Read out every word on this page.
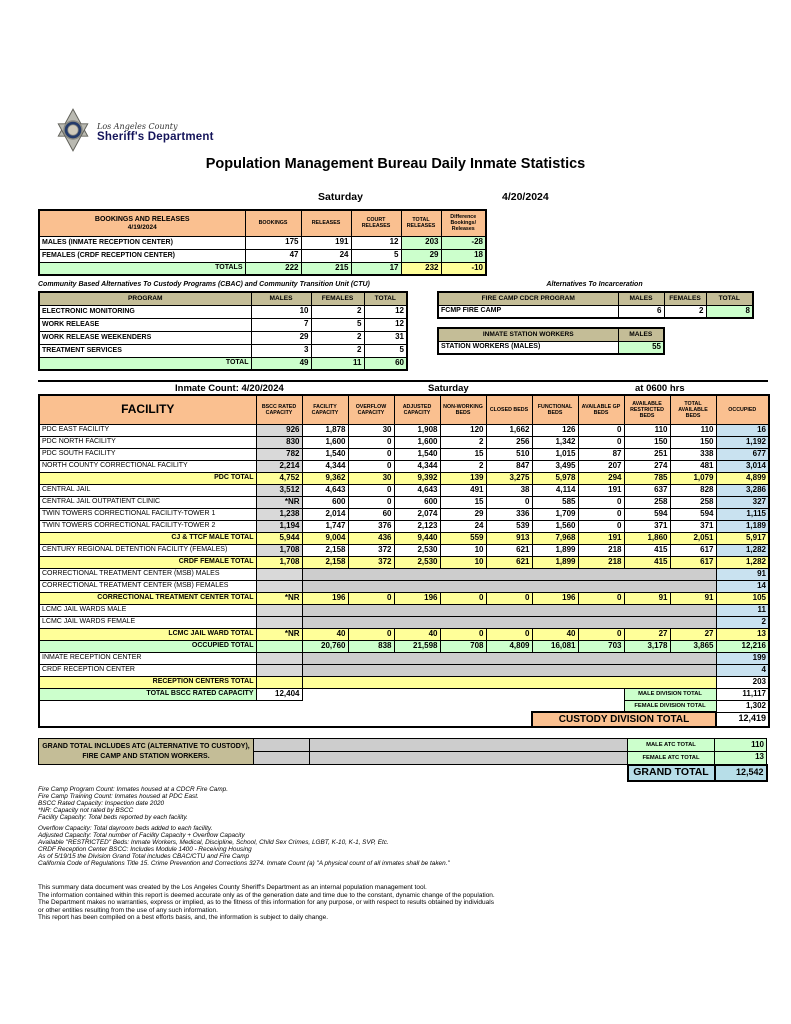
Los Angeles County
Sheriff's Department
Population Management Bureau Daily Inmate Statistics
Saturday	4/20/2024
BOOKINGS AND RELEASES
4/19/2024	BOOKINGS	RELEASES	COURT RELEASES	TOTAL RELEASES	Difference Bookings/ Releases
MALES (INMATE RECEPTION CENTER)	175	191	12	203	-28
FEMALES (CRDF RECEPTION CENTER)	47	24	5	29	18
TOTALS	222	215	17	232	-10
Community Based Alternatives To Custody Programs (CBAC) and Community Transition Unit (CTU)
PROGRAM	MALES	FEMALES	TOTAL
ELECTRONIC MONITORING	10	2	12
WORK RELEASE	7	5	12
WORK RELEASE WEEKENDERS	29	2	31
TREATMENT SERVICES	3	2	5
TOTAL	49	11	60
Alternatives To Incarceration
FIRE CAMP CDCR PROGRAM	MALES	FEMALES	TOTAL
FCMP FIRE CAMP	6	2	8
INMATE STATION WORKERS	MALES
STATION WORKERS (MALES)	55
Inmate Count: 4/20/2024	Saturday	at 0600 hrs
FACILITY	BSCC RATED CAPACITY	FACILITY CAPACITY	OVERFLOW CAPACITY	ADJUSTED CAPACITY	NON-WORKING BEDS	CLOSED BEDS	FUNCTIONAL BEDS	AVAILABLE GP BEDS	AVAILABLE RESTRICTED BEDS	TOTAL AVAILABLE BEDS	OCCUPIED
PDC EAST FACILITY	926	1,878	30	1,908	120	1,662	126	0	110	110	16
PDC NORTH FACILITY	830	1,600	0	1,600	2	256	1,342	0	150	150	1,192
PDC SOUTH FACILITY	782	1,540	0	1,540	15	510	1,015	87	251	338	677
NORTH COUNTY CORRECTIONAL FACILITY	2,214	4,344	0	4,344	2	847	3,495	207	274	481	3,014
PDC TOTAL	4,752	9,362	30	9,392	139	3,275	5,978	294	785	1,079	4,899
CENTRAL JAIL	3,512	4,643	0	4,643	491	38	4,114	191	637	828	3,286
CENTRAL JAIL OUTPATIENT CLINIC	*NR	600	0	600	15	0	585	0	258	258	327
TWIN TOWERS CORRECTIONAL FACILITY-TOWER 1	1,238	2,014	60	2,074	29	336	1,709	0	594	594	1,115
TWIN TOWERS CORRECTIONAL FACILITY-TOWER 2	1,194	1,747	376	2,123	24	539	1,560	0	371	371	1,189
CJ & TTCF MALE TOTAL	5,944	9,004	436	9,440	559	913	7,968	191	1,860	2,051	5,917
CENTURY REGIONAL DETENTION FACILITY (FEMALES)	1,708	2,158	372	2,530	10	621	1,899	218	415	617	1,282
CRDF FEMALE TOTAL	1,708	2,158	372	2,530	10	621	1,899	218	415	617	1,282
CORRECTIONAL TREATMENT CENTER (MSB) MALES											91
CORRECTIONAL TREATMENT CENTER (MSB) FEMALES											14
CORRECTIONAL TREATMENT CENTER TOTAL	*NR	196	0	196	0	0	196	0	91	91	105
LCMC JAIL WARDS MALE											11
LCMC JAIL WARDS FEMALE											2
LCMC JAIL WARD TOTAL	*NR	40	0	40	0	0	40	0	27	27	13
OCCUPIED TOTAL		20,760	838	21,598	708	4,809	16,081	703	3,178	3,865	12,216
INMATE RECEPTION CENTER											199
CRDF RECEPTION CENTER											4
RECEPTION CENTERS TOTAL											203
TOTAL BSCC RATED CAPACITY	12,404								MALE DIVISION TOTAL		11,117
									FEMALE DIVISION TOTAL		1,302
							CUSTODY DIVISION TOTAL				12,419
GRAND TOTAL INCLUDES ATC (ALTERNATIVE TO CUSTODY), FIRE CAMP AND STATION WORKERS.			MALE ATC TOTAL	110
			FEMALE ATC TOTAL	13
			GRAND TOTAL	12,542
Fire Camp Program Count: Inmates housed at a CDCR Fire Camp.
Fire Camp Training Count: Inmates housed at PDC East.
BSCC Rated Capacity: Inspection date 2020
*NR: Capacity not rated by BSCC
Facility Capacity: Total beds reported by each facility.
Overflow Capacity: Total dayroom beds added to each facility.
Adjusted Capacity: Total number of Facility Capacity + Overflow Capacity
Available "RESTRICTED" Beds: Inmate Workers, Medical, Discipline, School, Child Sex Crimes, LGBT, K-10, K-1, SVP, Etc.
CRDF Reception Center BSCC: Includes Module 1400 - Receiving Housing
As of 5/19/15 the Division Grand Total includes CBAC/CTU and Fire Camp
California Code of Regulations Title 15. Crime Prevention and Corrections 3274. Inmate Count (a) "A physical count of all inmates shall be taken."
This summary data document was created by the Los Angeles County Sheriff's Department as an internal population management tool.
The information contained within this report is deemed accurate only as of the generation date and time due to the constant, dynamic change of the population.
The Department makes no warranties, express or implied, as to the fitness of this information for any purpose, or with respect to results obtained by individuals
or other entities resulting from the use of any such information.
This report has been compiled on a best efforts basis, and, the information is subject to daily change.
